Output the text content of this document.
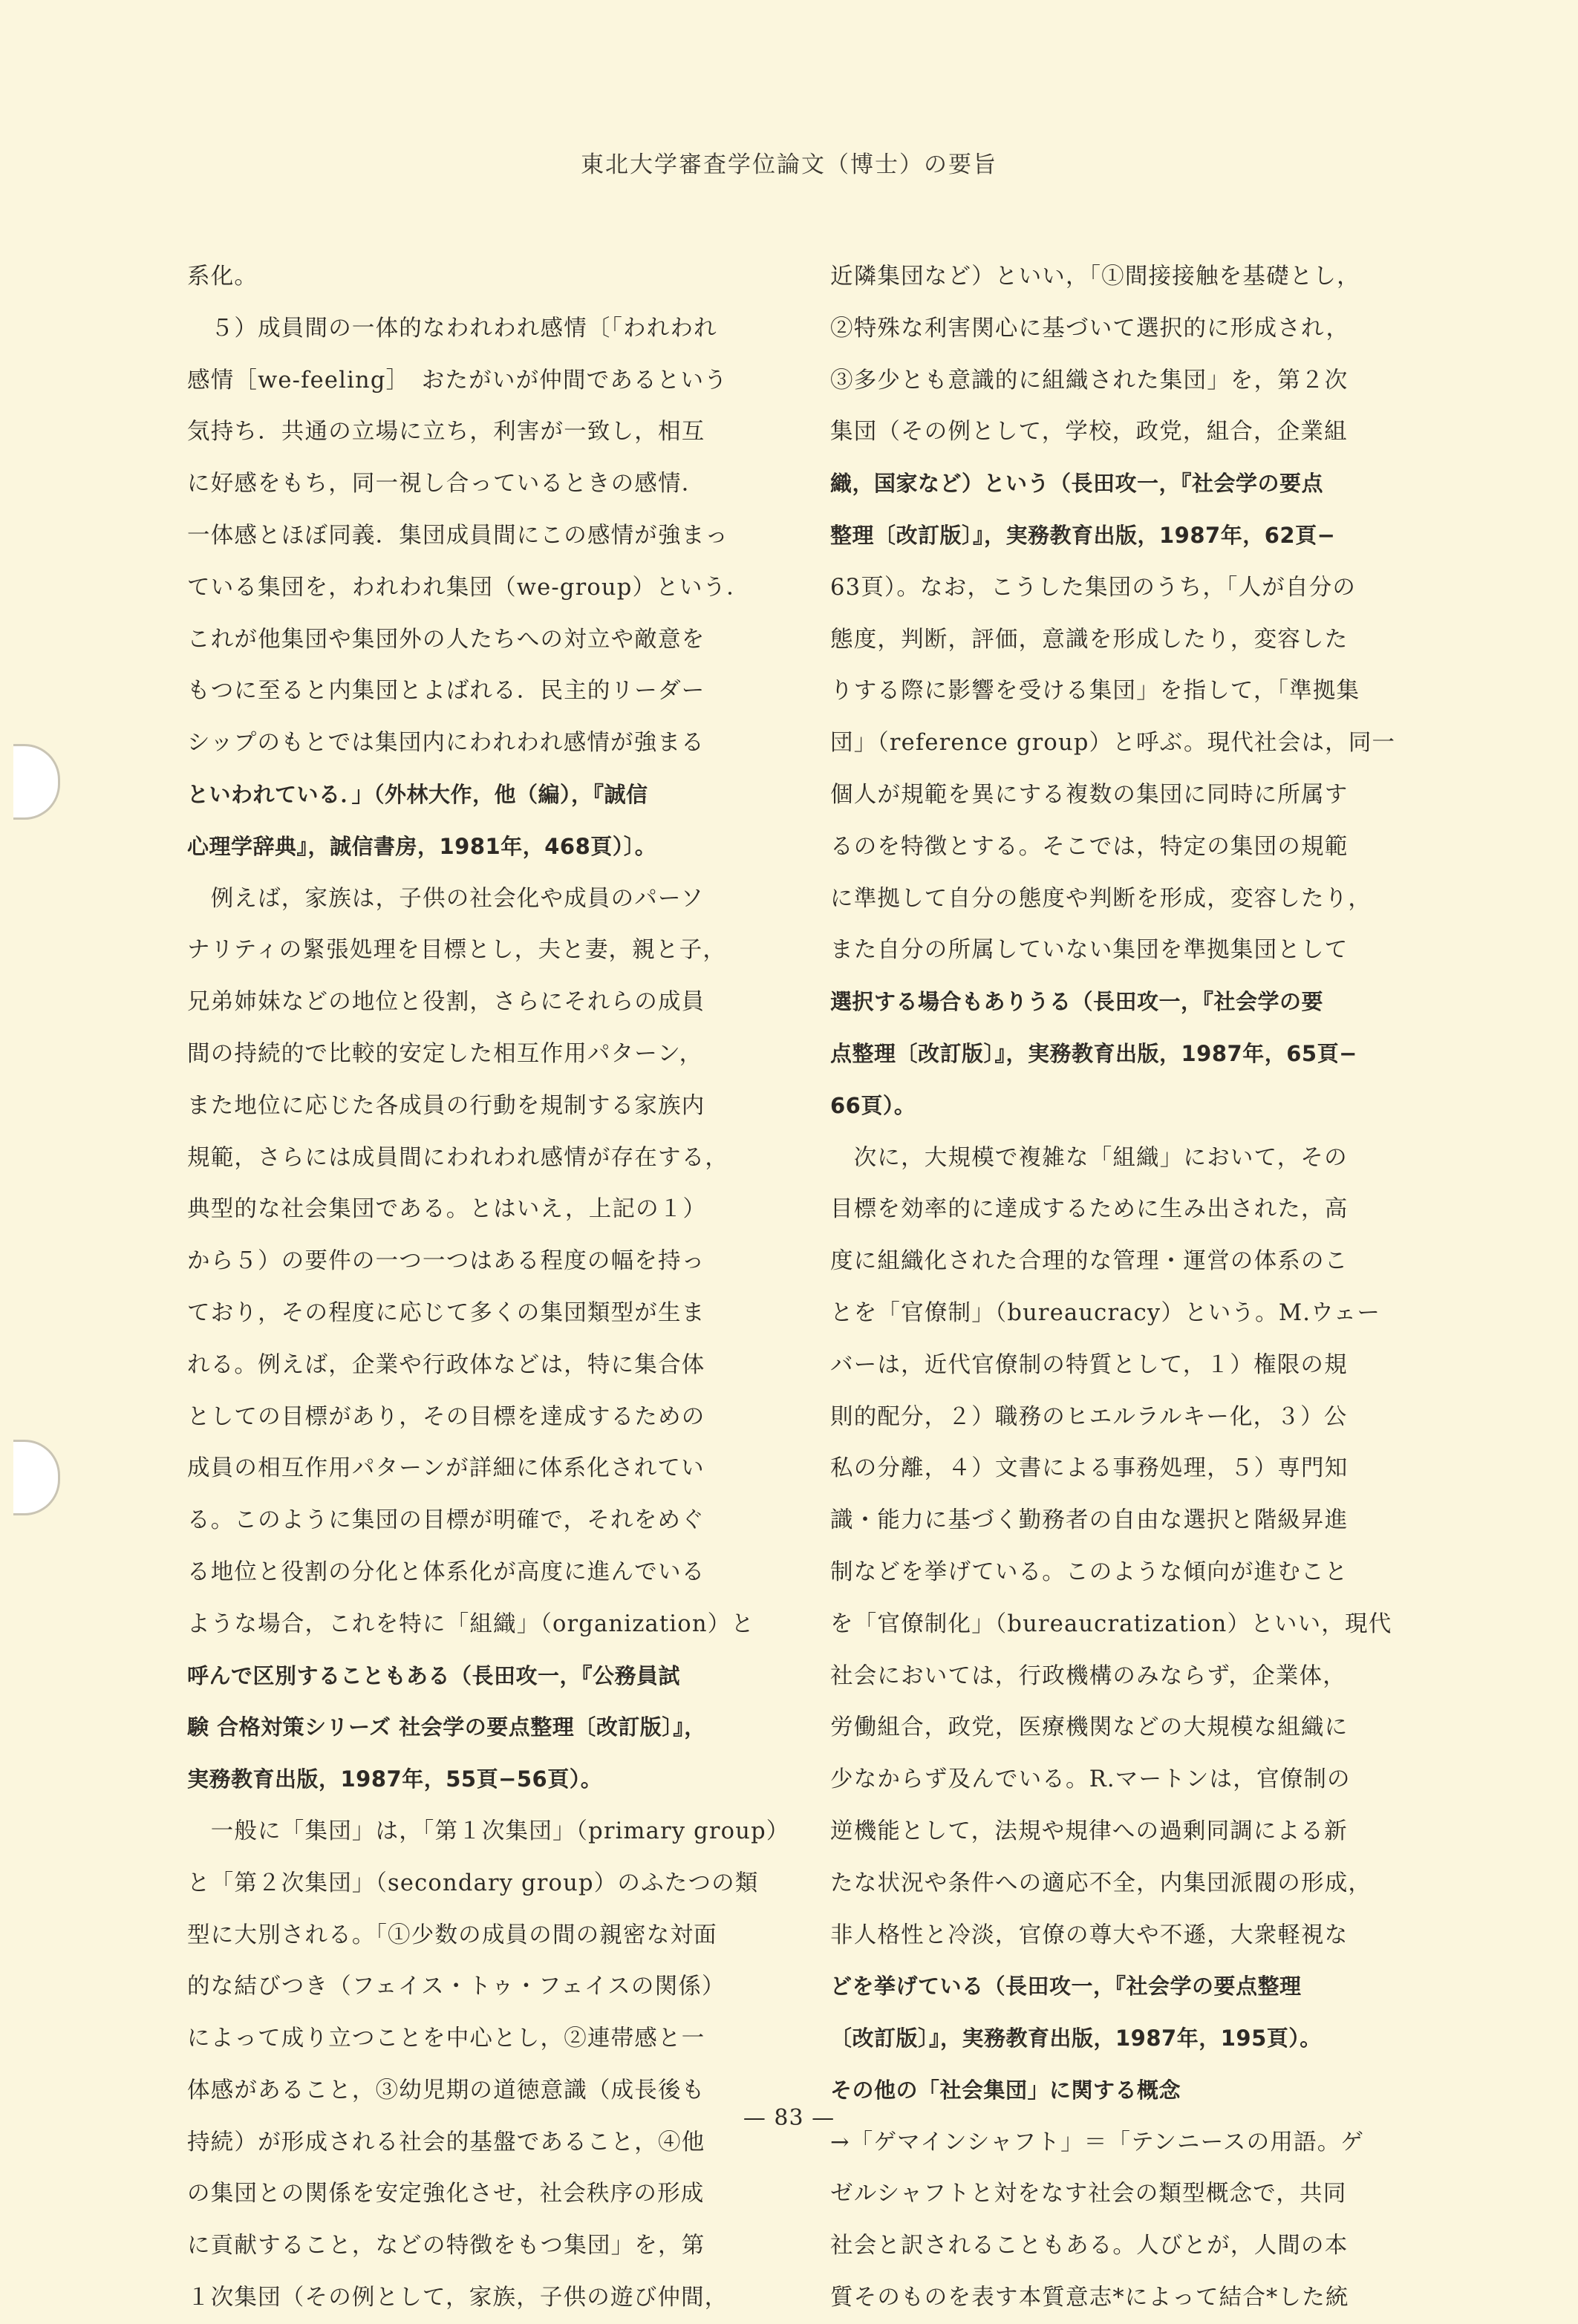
東北大学審査学位論文（博士）の要旨
系化。
　５）成員間の一体的なわれわれ感情〔「われわれ
感情［we-feeling］　おたがいが仲間であるという
気持ち．共通の立場に立ち，利害が一致し，相互
に好感をもち，同一視し合っているときの感情．
一体感とほぼ同義．集団成員間にこの感情が強まっ
ている集団を，われわれ集団（we-group）という．
これが他集団や集団外の人たちへの対立や敵意を
もつに至ると内集団とよばれる．民主的リーダー
シップのもとでは集団内にわれわれ感情が強まる
といわれている．」（外林大作，他（編），『誠信
心理学辞典』，誠信書房，1981年，468頁）〕。
　例えば，家族は，子供の社会化や成員のパーソ
ナリティの緊張処理を目標とし，夫と妻，親と子，
兄弟姉妹などの地位と役割，さらにそれらの成員
間の持続的で比較的安定した相互作用パターン，
また地位に応じた各成員の行動を規制する家族内
規範，さらには成員間にわれわれ感情が存在する，
典型的な社会集団である。とはいえ，上記の１）
から５）の要件の一つ一つはある程度の幅を持っ
ており，その程度に応じて多くの集団類型が生ま
れる。例えば，企業や行政体などは，特に集合体
としての目標があり，その目標を達成するための
成員の相互作用パターンが詳細に体系化されてい
る。このように集団の目標が明確で，それをめぐ
る地位と役割の分化と体系化が高度に進んでいる
ような場合，これを特に「組織」（organization）と
呼んで区別することもある（長田攻一，『公務員試
験 合格対策シリーズ 社会学の要点整理〔改訂版〕』，
実務教育出版，1987年，55頁−56頁）。
　一般に「集団」は，「第１次集団」（primary group）
と「第２次集団」（secondary group）のふたつの類
型に大別される。「①少数の成員の間の親密な対面
的な結びつき（フェイス・トゥ・フェイスの関係）
によって成り立つことを中心とし，②連帯感と一
体感があること，③幼児期の道徳意識（成長後も
持続）が形成される社会的基盤であること，④他
の集団との関係を安定強化させ，社会秩序の形成
に貢献すること，などの特徴をもつ集団」を，第
１次集団（その例として，家族，子供の遊び仲間，
近隣集団など）といい，「①間接接触を基礎とし，
②特殊な利害関心に基づいて選択的に形成され，
③多少とも意識的に組織された集団」を，第２次
集団（その例として，学校，政党，組合，企業組
織，国家など）という（長田攻一，『社会学の要点
整理〔改訂版〕』，実務教育出版，1987年，62頁−
63頁）。なお，こうした集団のうち，「人が自分の
態度，判断，評価，意識を形成したり，変容した
りする際に影響を受ける集団」を指して，「準拠集
団」（reference group）と呼ぶ。現代社会は，同一
個人が規範を異にする複数の集団に同時に所属す
るのを特徴とする。そこでは，特定の集団の規範
に準拠して自分の態度や判断を形成，変容したり，
また自分の所属していない集団を準拠集団として
選択する場合もありうる（長田攻一，『社会学の要
点整理〔改訂版〕』，実務教育出版，1987年，65頁−
66頁）。
　次に，大規模で複雑な「組織」において，その
目標を効率的に達成するために生み出された，高
度に組織化された合理的な管理・運営の体系のこ
とを「官僚制」（bureaucracy）という。M.ウェー
バーは，近代官僚制の特質として，１）権限の規
則的配分，２）職務のヒエルラルキー化，３）公
私の分離，４）文書による事務処理，５）専門知
識・能力に基づく勤務者の自由な選択と階級昇進
制などを挙げている。このような傾向が進むこと
を「官僚制化」（bureaucratization）といい，現代
社会においては，行政機構のみならず，企業体，
労働組合，政党，医療機関などの大規模な組織に
少なからず及んでいる。R.マートンは，官僚制の
逆機能として，法規や規律への過剰同調による新
たな状況や条件への適応不全，内集団派閥の形成，
非人格性と冷淡，官僚の尊大や不遜，大衆軽視な
どを挙げている（長田攻一，『社会学の要点整理
〔改訂版〕』，実務教育出版，1987年，195頁）。
その他の「社会集団」に関する概念
→「ゲマインシャフト」＝「テンニースの用語。ゲ
ゼルシャフトと対をなす社会の類型概念で，共同
社会と訳されることもある。人びとが，人間の本
質そのものを表す本質意志*によって結合*した統
— 83 —
